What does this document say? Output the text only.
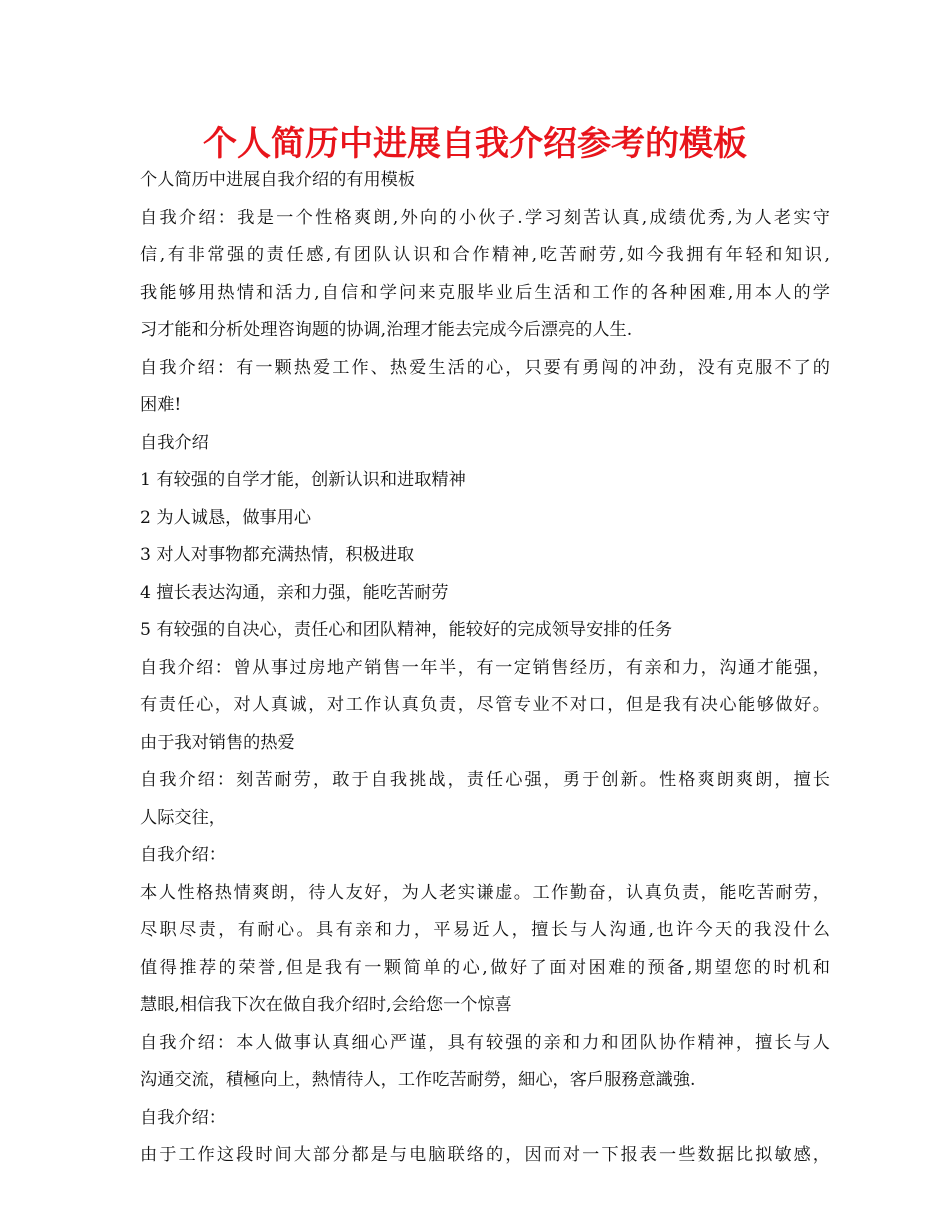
个人简历中进展自我介绍参考的模板
个人简历中进展自我介绍的有用模板
自我介绍：我是一个性格爽朗,外向的小伙子.学习刻苦认真,成绩优秀,为人老实守
信,有非常强的责任感,有团队认识和合作精神,吃苦耐劳,如今我拥有年轻和知识,
我能够用热情和活力,自信和学问来克服毕业后生活和工作的各种困难,用本人的学
习才能和分析处理咨询题的协调,治理才能去完成今后漂亮的人生.
自我介绍：有一颗热爱工作、热爱生活的心，只要有勇闯的冲劲，没有克服不了的
困难!
自我介绍
1 有较强的自学才能，创新认识和进取精神
2 为人诚恳，做事用心
3 对人对事物都充满热情，积极进取
4 擅长表达沟通，亲和力强，能吃苦耐劳
5 有较强的自决心，责任心和团队精神，能较好的完成领导安排的任务
自我介绍：曾从事过房地产销售一年半，有一定销售经历，有亲和力，沟通才能强，
有责任心，对人真诚，对工作认真负责，尽管专业不对口，但是我有决心能够做好。
由于我对销售的热爱
自我介绍：刻苦耐劳，敢于自我挑战，责任心强，勇于创新。性格爽朗爽朗，擅长
人际交往，
自我介绍：
本人性格热情爽朗，待人友好，为人老实谦虚。工作勤奋，认真负责，能吃苦耐劳，
尽职尽责，有耐心。具有亲和力，平易近人，擅长与人沟通,也许今天的我没什么
值得推荐的荣誉,但是我有一颗简单的心,做好了面对困难的预备,期望您的时机和
慧眼,相信我下次在做自我介绍时,会给您一个惊喜
自我介绍：本人做事认真细心严谨，具有较强的亲和力和团队协作精神，擅长与人
沟通交流，積極向上，熱情待人，工作吃苦耐勞，細心，客戶服務意識強.
自我介绍：
由于工作这段时间大部分都是与电脑联络的，因而对一下报表一些数据比拟敏感，
